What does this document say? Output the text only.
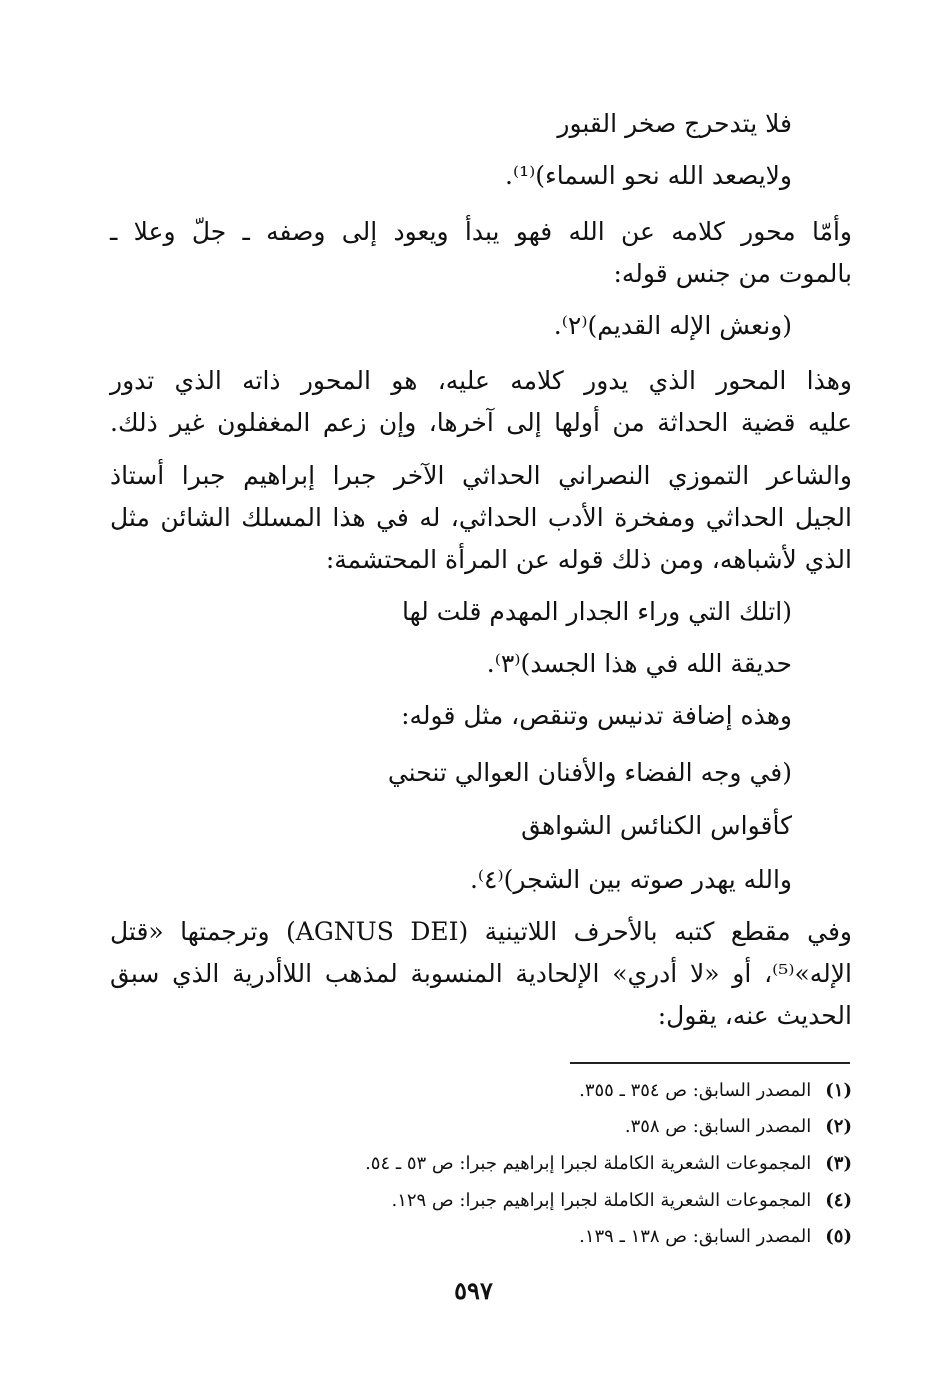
فلا يتدحرج صخر القبور
ولايصعد الله نحو السماء)⁽¹⁾.
وأمّا محور كلامه عن الله فهو يبدأ ويعود إلى وصفه ـ جلّ وعلا ـ
بالموت من جنس قوله:
(ونعش الإله القديم)⁽٢⁾.
وهذا المحور الذي يدور كلامه عليه، هو المحور ذاته الذي تدور
عليه قضية الحداثة من أولها إلى آخرها، وإن زعم المغفلون غير ذلك.
والشاعر التموزي النصراني الحداثي الآخر جبرا إبراهيم جبرا أستاذ
الجيل الحداثي ومفخرة الأدب الحداثي، له في هذا المسلك الشائن مثل
الذي لأشباهه، ومن ذلك قوله عن المرأة المحتشمة:
(اتلك التي وراء الجدار المهدم قلت لها
حديقة الله في هذا الجسد)⁽٣⁾.
وهذه إضافة تدنيس وتنقص، مثل قوله:
(في وجه الفضاء والأفنان العوالي تنحني
كأقواس الكنائس الشواهق
والله يهدر صوته بين الشجر)⁽٤⁾.
وفي مقطع كتبه بالأحرف اللاتينية (AGNUS DEI) وترجمتها «قتل
الإله»⁽⁵⁾، أو «لا أدري» الإلحادية المنسوبة لمذهب اللاأدرية الذي سبق
الحديث عنه، يقول:
(١)المصدر السابق: ص ٣٥٤ ـ ٣٥٥.
(٢)المصدر السابق: ص ٣٥٨.
(٣)المجموعات الشعرية الكاملة لجبرا إبراهيم جبرا: ص ٥٣ ـ ٥٤.
(٤)المجموعات الشعرية الكاملة لجبرا إبراهيم جبرا: ص ١٢٩.
(٥)المصدر السابق: ص ١٣٨ ـ ١٣٩.
٥٩٧
